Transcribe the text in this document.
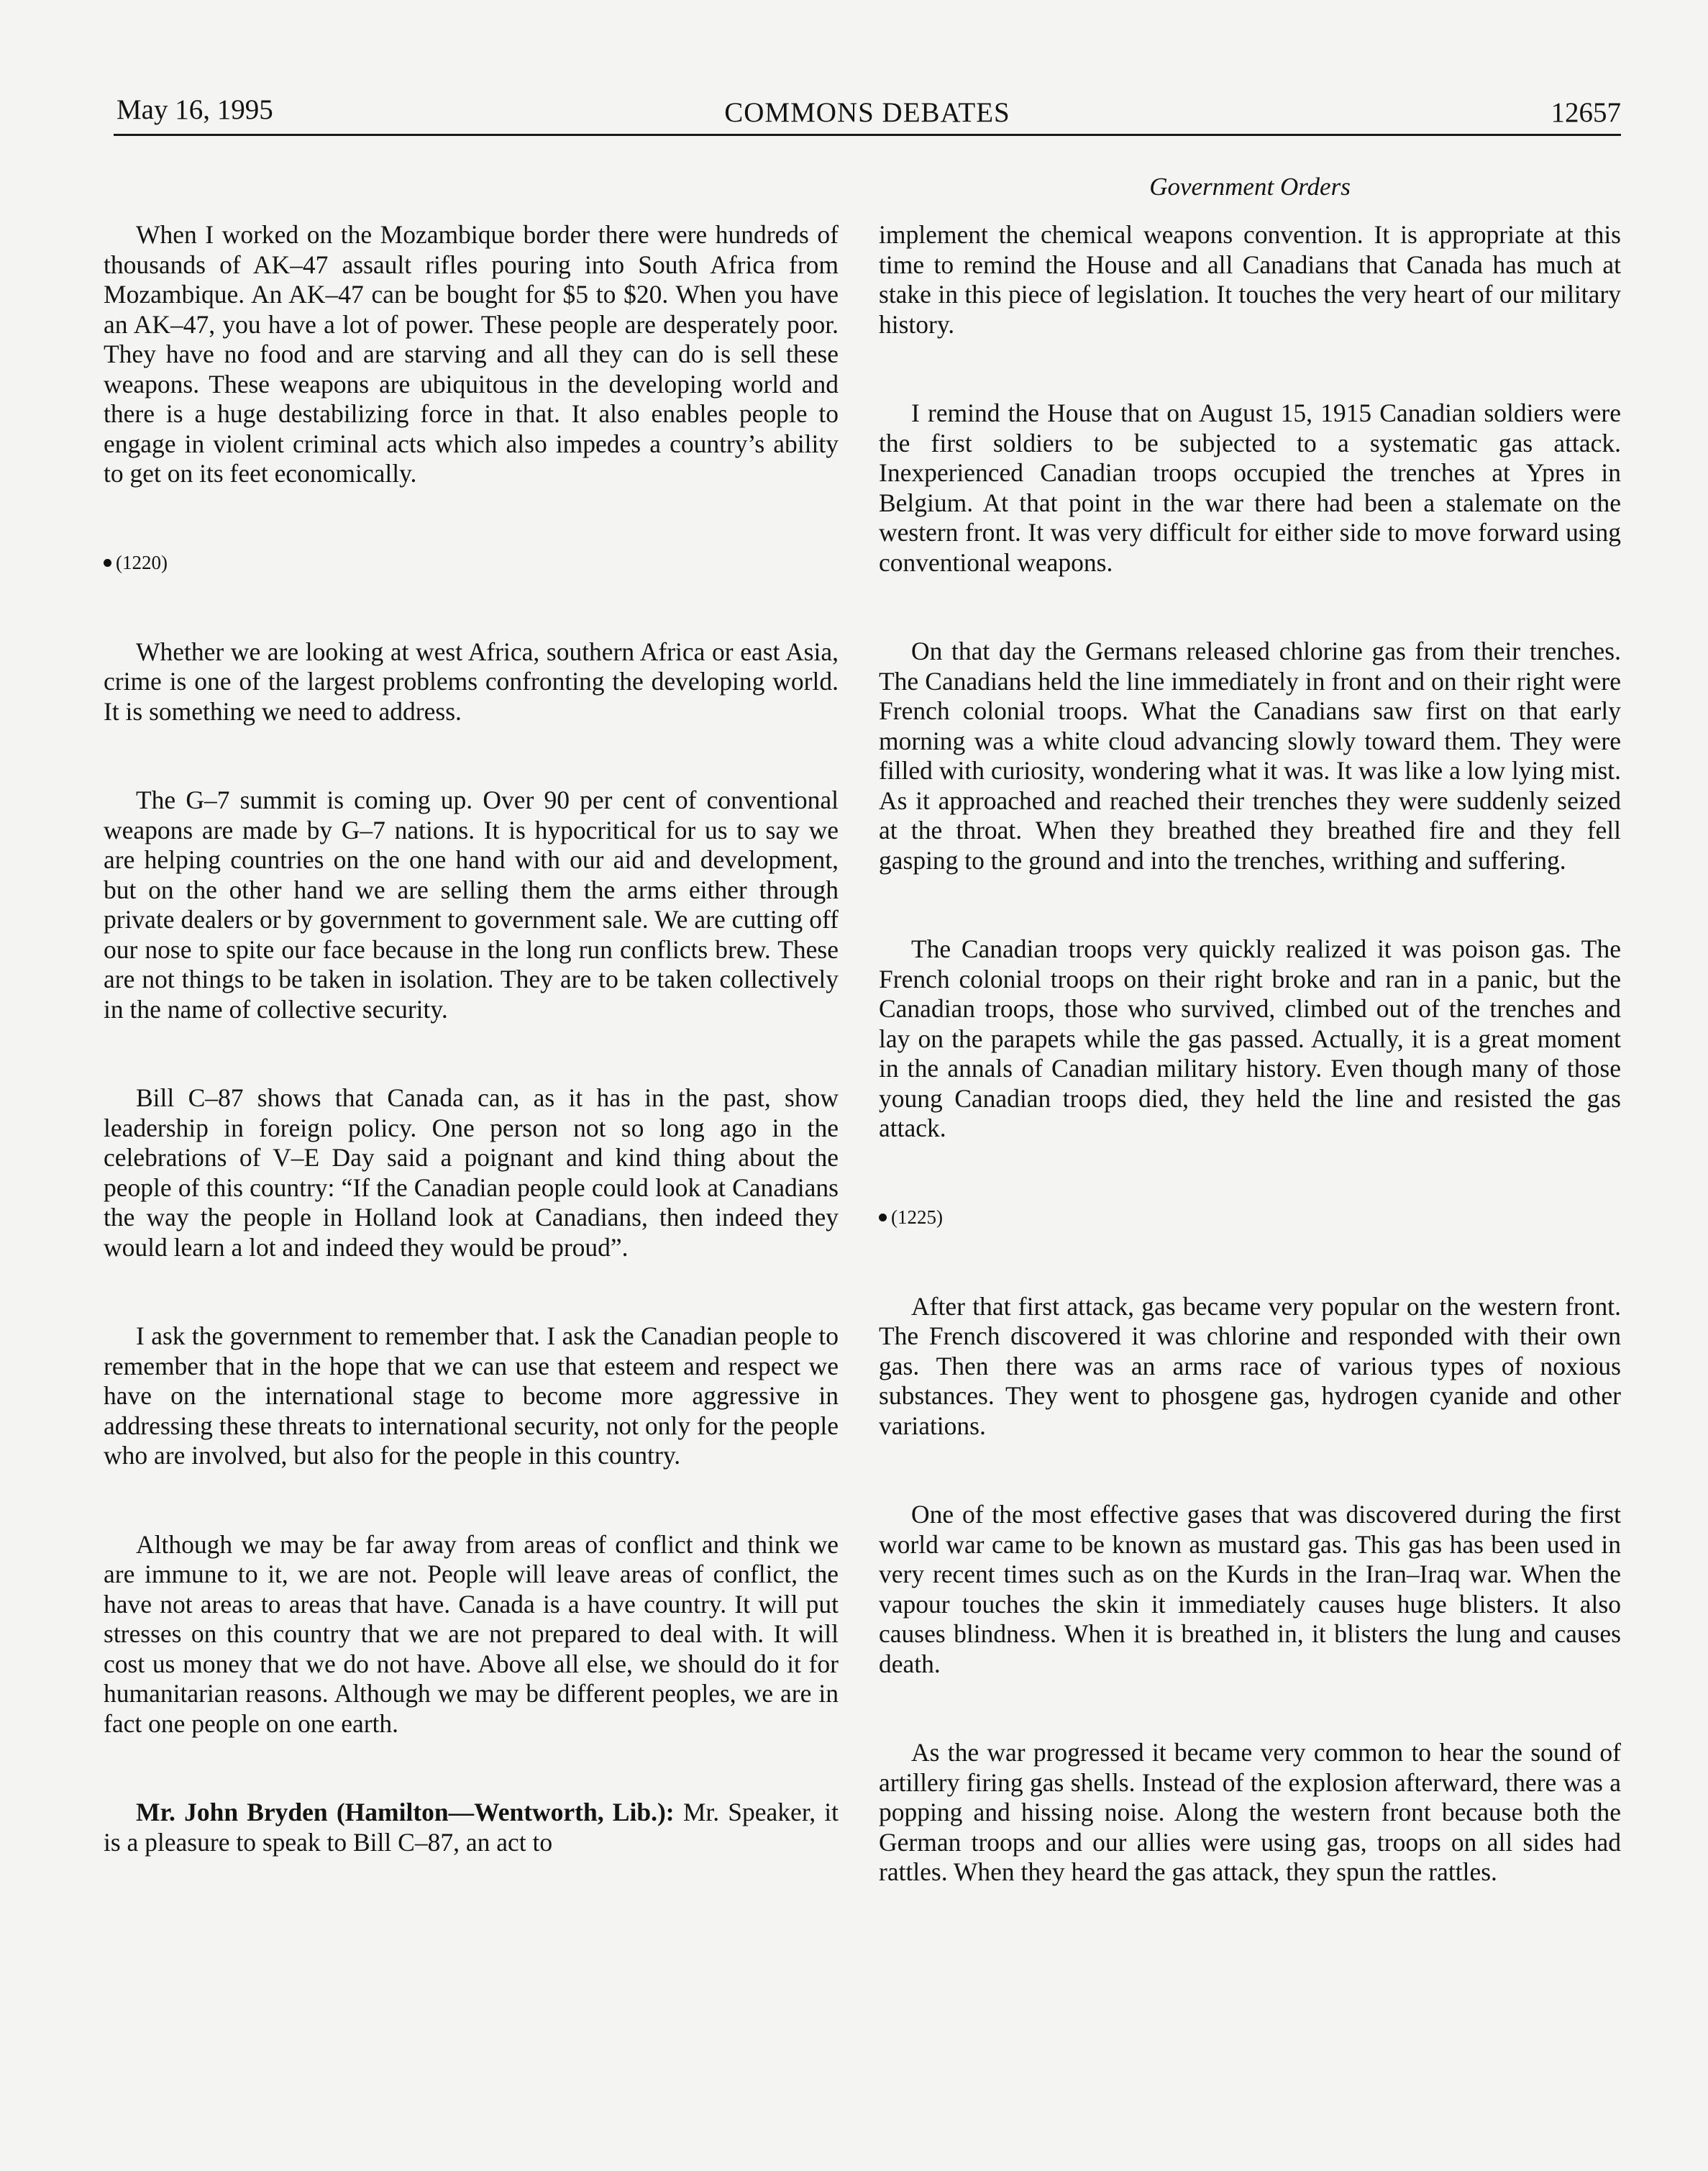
May 16, 1995	COMMONS DEBATES	12657
Government Orders

When I worked on the Mozambique border there were hundreds of thousands of AK–47 assault rifles pouring into South Africa from Mozambique. An AK–47 can be bought for $5 to $20. When you have an AK–47, you have a lot of power. These people are desperately poor. They have no food and are starving and all they can do is sell these weapons. These weapons are ubiquitous in the developing world and there is a huge destabilizing force in that. It also enables people to engage in violent criminal acts which also impedes a country’s ability to get on its feet economically.

(1220)

Whether we are looking at west Africa, southern Africa or east Asia, crime is one of the largest problems confronting the developing world. It is something we need to address.

The G–7 summit is coming up. Over 90 per cent of conventional weapons are made by G–7 nations. It is hypocritical for us to say we are helping countries on the one hand with our aid and development, but on the other hand we are selling them the arms either through private dealers or by government to government sale. We are cutting off our nose to spite our face because in the long run conflicts brew. These are not things to be taken in isolation. They are to be taken collectively in the name of collective security.

Bill C–87 shows that Canada can, as it has in the past, show leadership in foreign policy. One person not so long ago in the celebrations of V–E Day said a poignant and kind thing about the people of this country: “If the Canadian people could look at Canadians the way the people in Holland look at Canadians, then indeed they would learn a lot and indeed they would be proud”.

I ask the government to remember that. I ask the Canadian people to remember that in the hope that we can use that esteem and respect we have on the international stage to become more aggressive in addressing these threats to international security, not only for the people who are involved, but also for the people in this country.

Although we may be far away from areas of conflict and think we are immune to it, we are not. People will leave areas of conflict, the have not areas to areas that have. Canada is a have country. It will put stresses on this country that we are not prepared to deal with. It will cost us money that we do not have. Above all else, we should do it for humanitarian reasons. Although we may be different peoples, we are in fact one people on one earth.

Mr. John Bryden (Hamilton—Wentworth, Lib.): Mr. Speaker, it is a pleasure to speak to Bill C–87, an act to

implement the chemical weapons convention. It is appropriate at this time to remind the House and all Canadians that Canada has much at stake in this piece of legislation. It touches the very heart of our military history.

I remind the House that on August 15, 1915 Canadian soldiers were the first soldiers to be subjected to a systematic gas attack. Inexperienced Canadian troops occupied the trenches at Ypres in Belgium. At that point in the war there had been a stalemate on the western front. It was very difficult for either side to move forward using conventional weapons.

On that day the Germans released chlorine gas from their trenches. The Canadians held the line immediately in front and on their right were French colonial troops. What the Canadians saw first on that early morning was a white cloud advancing slowly toward them. They were filled with curiosity, wondering what it was. It was like a low lying mist. As it approached and reached their trenches they were suddenly seized at the throat. When they breathed they breathed fire and they fell gasping to the ground and into the trenches, writhing and suffering.

The Canadian troops very quickly realized it was poison gas. The French colonial troops on their right broke and ran in a panic, but the Canadian troops, those who survived, climbed out of the trenches and lay on the parapets while the gas passed. Actually, it is a great moment in the annals of Canadian military history. Even though many of those young Canadian troops died, they held the line and resisted the gas attack.

(1225)

After that first attack, gas became very popular on the western front. The French discovered it was chlorine and responded with their own gas. Then there was an arms race of various types of noxious substances. They went to phosgene gas, hydrogen cyanide and other variations.

One of the most effective gases that was discovered during the first world war came to be known as mustard gas. This gas has been used in very recent times such as on the Kurds in the Iran–Iraq war. When the vapour touches the skin it immediately causes huge blisters. It also causes blindness. When it is breathed in, it blisters the lung and causes death.

As the war progressed it became very common to hear the sound of artillery firing gas shells. Instead of the explosion afterward, there was a popping and hissing noise. Along the western front because both the German troops and our allies were using gas, troops on all sides had rattles. When they heard the gas attack, they spun the rattles.
